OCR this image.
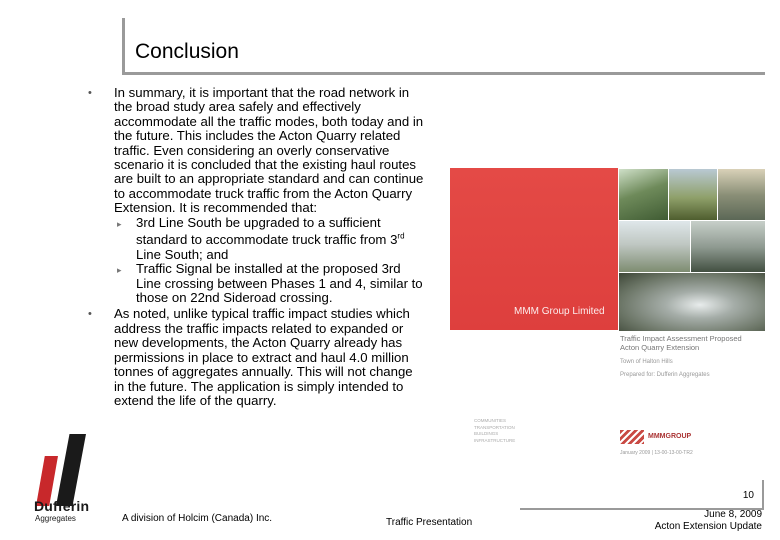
Conclusion
• In summary, it is important that the road network in the broad study area safely and effectively accommodate all the traffic modes, both today and in the future. This includes the Acton Quarry related traffic. Even considering an overly conservative scenario it is concluded that the existing haul routes are built to an appropriate standard and can continue to accommodate truck traffic from the Acton Quarry Extension. It is recommended that:
▸ 3rd Line South be upgraded to a sufficient standard to accommodate truck traffic from 3rd Line South; and
▸ Traffic Signal be installed at the proposed 3rd Line crossing between Phases 1 and 4, similar to those on 22nd Sideroad crossing.
• As noted, unlike typical traffic impact studies which address the traffic impacts related to expanded or new developments, the Acton Quarry already has permissions in place to extract and haul 4.0 million tonnes of aggregates annually. This will not change in the future. The application is simply intended to extend the life of the quarry.
MMM Group Limited
Traffic Impact Assessment Proposed Acton Quarry Extension
Town of Halton Hills
Prepared for: Dufferin Aggregates
COMMUNITIES
TRANSPORTATION
BUILDINGS
INFRASTRUCTURE	MMMGROUP
January 2009 | 13-00-13-00-TR2
10
Dufferin
Aggregates	A division of Holcim (Canada) Inc.	Traffic Presentation
June 8, 2009
Acton Extension Update
